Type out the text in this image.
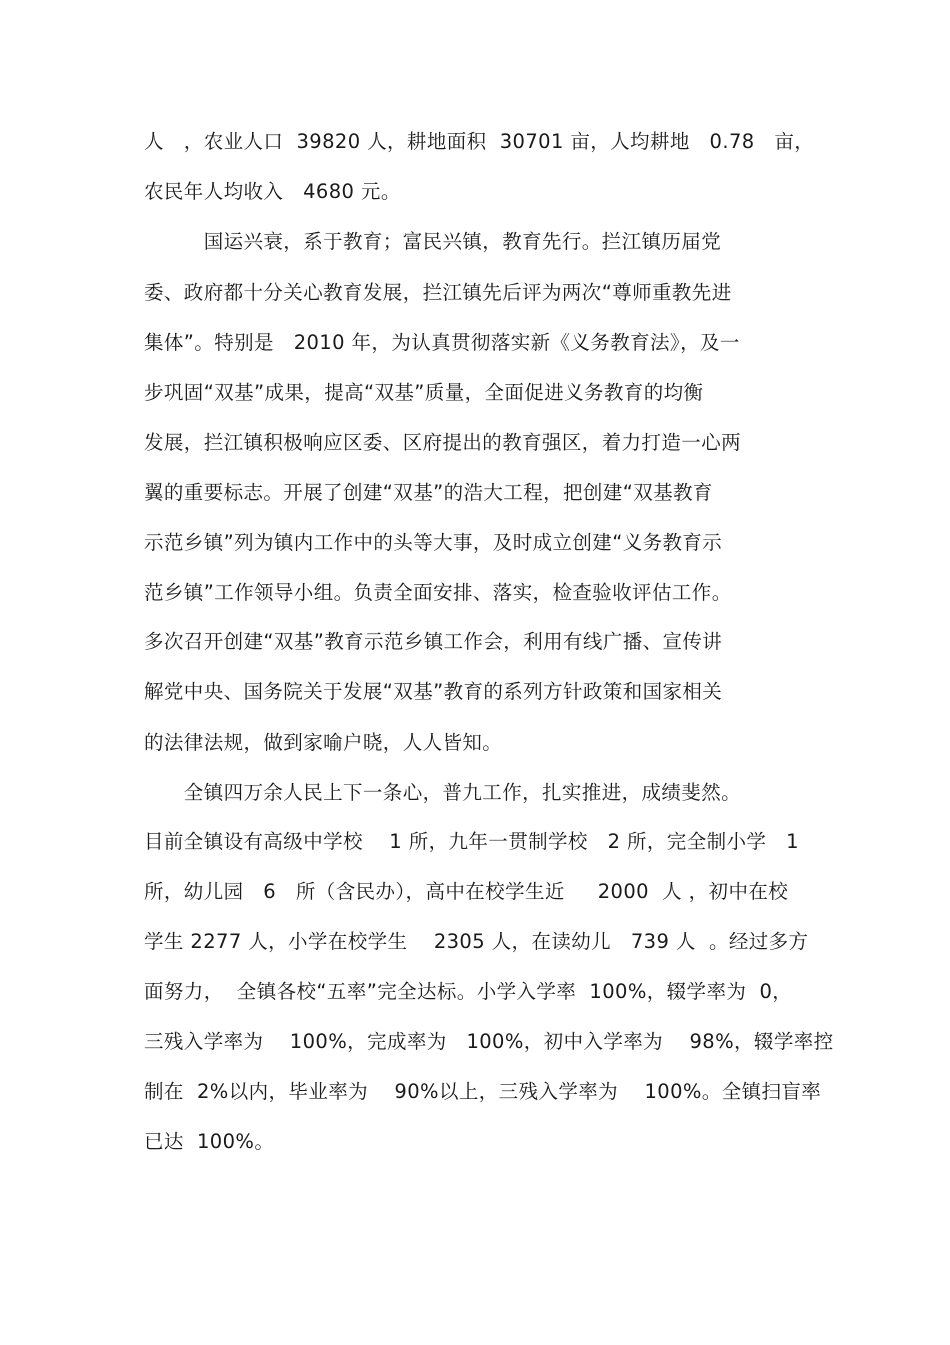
人　，农业人口  39820 人，耕地面积  30701 亩，人均耕地   0.78   亩，
农民年人均收入   4680 元。
　　　国运兴衰，系于教育；富民兴镇，教育先行。拦江镇历届党
委、政府都十分关心教育发展，拦江镇先后评为两次“尊师重教先进
集体”。特别是   2010 年，为认真贯彻落实新《义务教育法》，及一
步巩固“双基”成果，提高“双基”质量，全面促进义务教育的均衡
发展，拦江镇积极响应区委、区府提出的教育强区，着力打造一心两
翼的重要标志。开展了创建“双基”的浩大工程，把创建“双基教育
示范乡镇”列为镇内工作中的头等大事，及时成立创建“义务教育示
范乡镇”工作领导小组。负责全面安排、落实，检查验收评估工作。
多次召开创建“双基”教育示范乡镇工作会，利用有线广播、宣传讲
解党中央、国务院关于发展“双基”教育的系列方针政策和国家相关
的法律法规，做到家喻户晓，人人皆知。
　　全镇四万余人民上下一条心，普九工作，扎实推进，成绩斐然。
目前全镇设有高级中学校    1 所，九年一贯制学校   2 所，完全制小学   1
所，幼儿园   6   所（含民办），高中在校学生近     2000  人 ，初中在校
学生 2277 人，小学在校学生    2305 人，在读幼儿   739 人  。经过多方
面努力，  全镇各校“五率”完全达标。小学入学率  100%，辍学率为  0，
三残入学率为    100%，完成率为   100%，初中入学率为    98%，辍学率控
制在  2%以内，毕业率为    90%以上，三残入学率为    100%。全镇扫盲率
已达  100%。
